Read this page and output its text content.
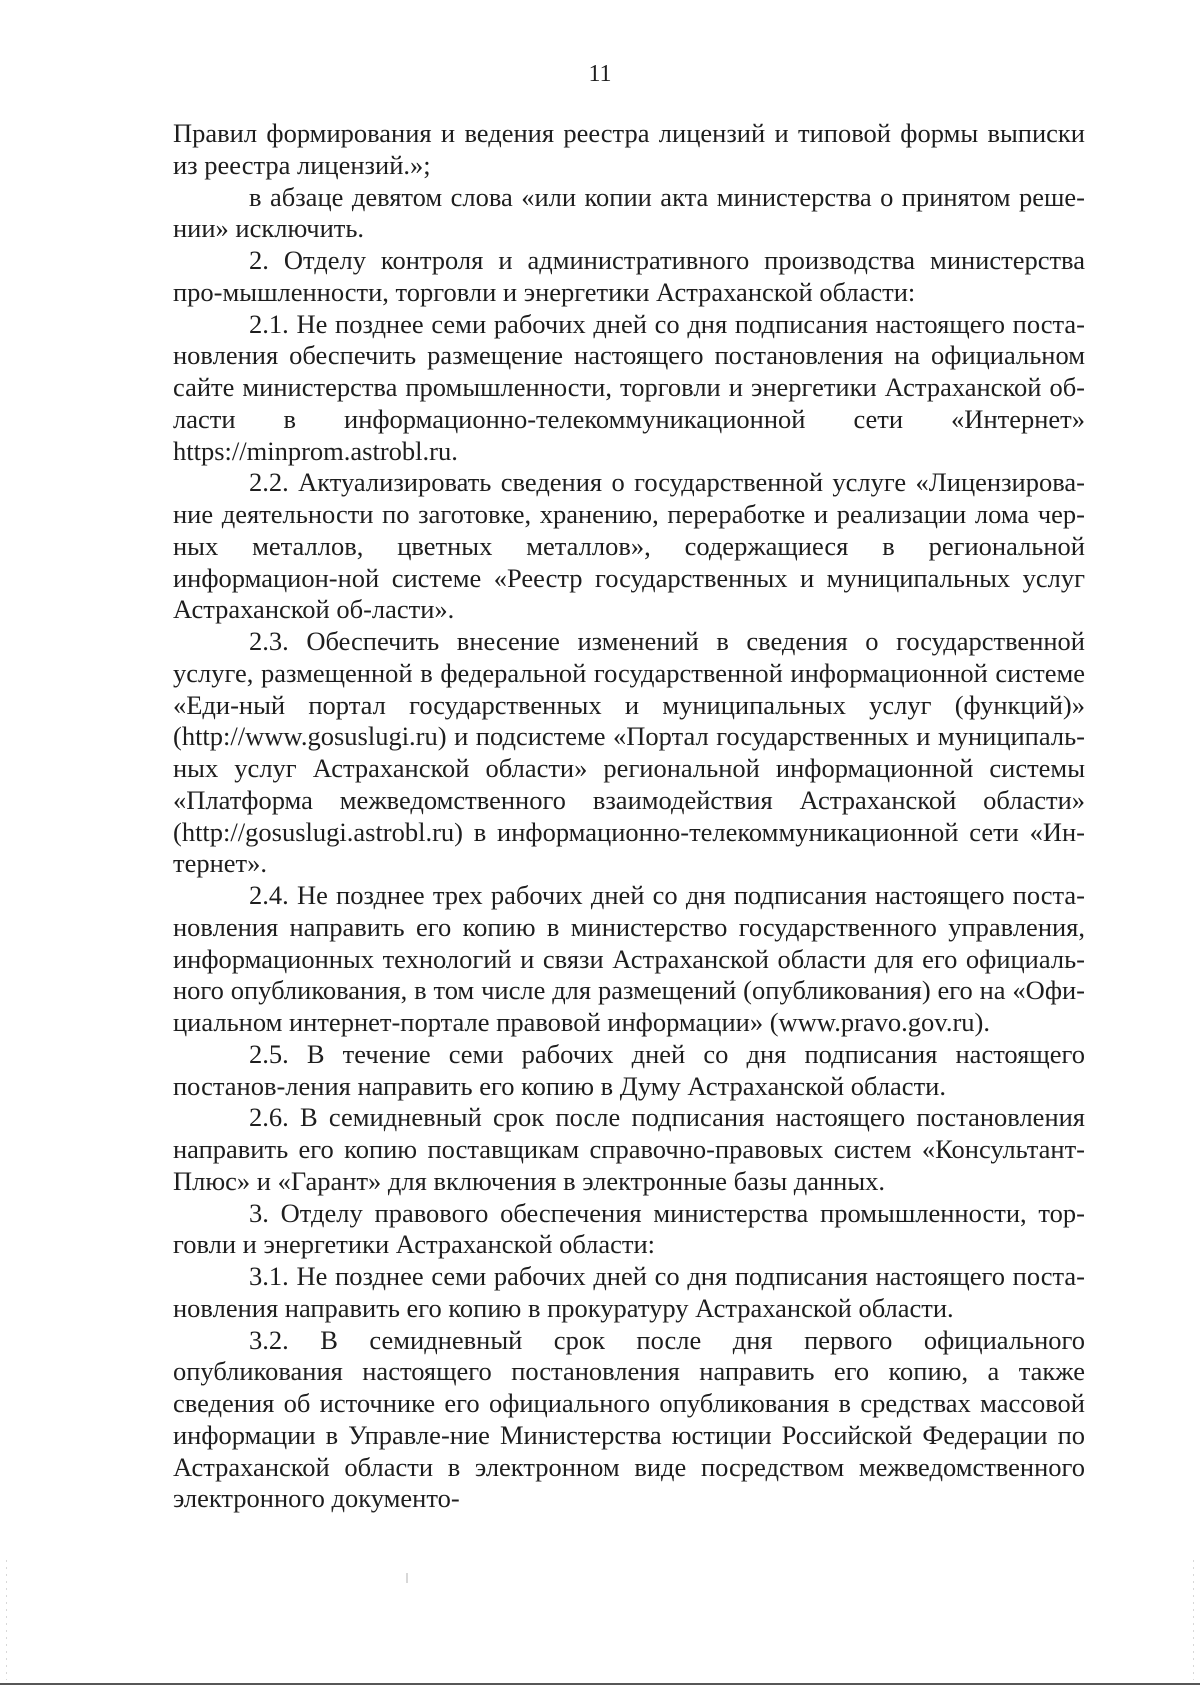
11

Правил формирования и ведения реестра лицензий и типовой формы выписки из реестра лицензий.»;

в абзаце девятом слова «или копии акта министерства о принятом реше-нии» исключить.

2. Отделу контроля и административного производства министерства про-мышленности, торговли и энергетики Астраханской области:

2.1. Не позднее семи рабочих дней со дня подписания настоящего поста-новления обеспечить размещение настоящего постановления на официальном сайте министерства промышленности, торговли и энергетики Астраханской об-ласти в информационно-телекоммуникационной сети «Интернет» https://minprom.astrobl.ru.

2.2. Актуализировать сведения о государственной услуге «Лицензирова-ние деятельности по заготовке, хранению, переработке и реализации лома чер-ных металлов, цветных металлов», содержащиеся в региональной информацион-ной системе «Реестр государственных и муниципальных услуг Астраханской об-ласти».

2.3. Обеспечить внесение изменений в сведения о государственной услуге, размещенной в федеральной государственной информационной системе «Еди-ный портал государственных и муниципальных услуг (функций)» (http://www.gosuslugi.ru) и подсистеме «Портал государственных и муниципаль-ных услуг Астраханской области» региональной информационной системы «Платформа межведомственного взаимодействия Астраханской области» (http://gosuslugi.astrobl.ru) в информационно-телекоммуникационной сети «Ин-тернет».

2.4. Не позднее трех рабочих дней со дня подписания настоящего поста-новления направить его копию в министерство государственного управления, информационных технологий и связи Астраханской области для его официаль-ного опубликования, в том числе для размещений (опубликования) его на «Офи-циальном интернет-портале правовой информации» (www.pravo.gov.ru).

2.5. В течение семи рабочих дней со дня подписания настоящего постанов-ления направить его копию в Думу Астраханской области.

2.6. В семидневный срок после подписания настоящего постановления направить его копию поставщикам справочно-правовых систем «Консультант-Плюс» и «Гарант» для включения в электронные базы данных.

3. Отделу правового обеспечения министерства промышленности, тор-говли и энергетики Астраханской области:

3.1. Не позднее семи рабочих дней со дня подписания настоящего поста-новления направить его копию в прокуратуру Астраханской области.

3.2. В семидневный срок после дня первого официального опубликования настоящего постановления направить его копию, а также сведения об источнике его официального опубликования в средствах массовой информации в Управле-ние Министерства юстиции Российской Федерации по Астраханской области в электронном виде посредством межведомственного электронного документо-
